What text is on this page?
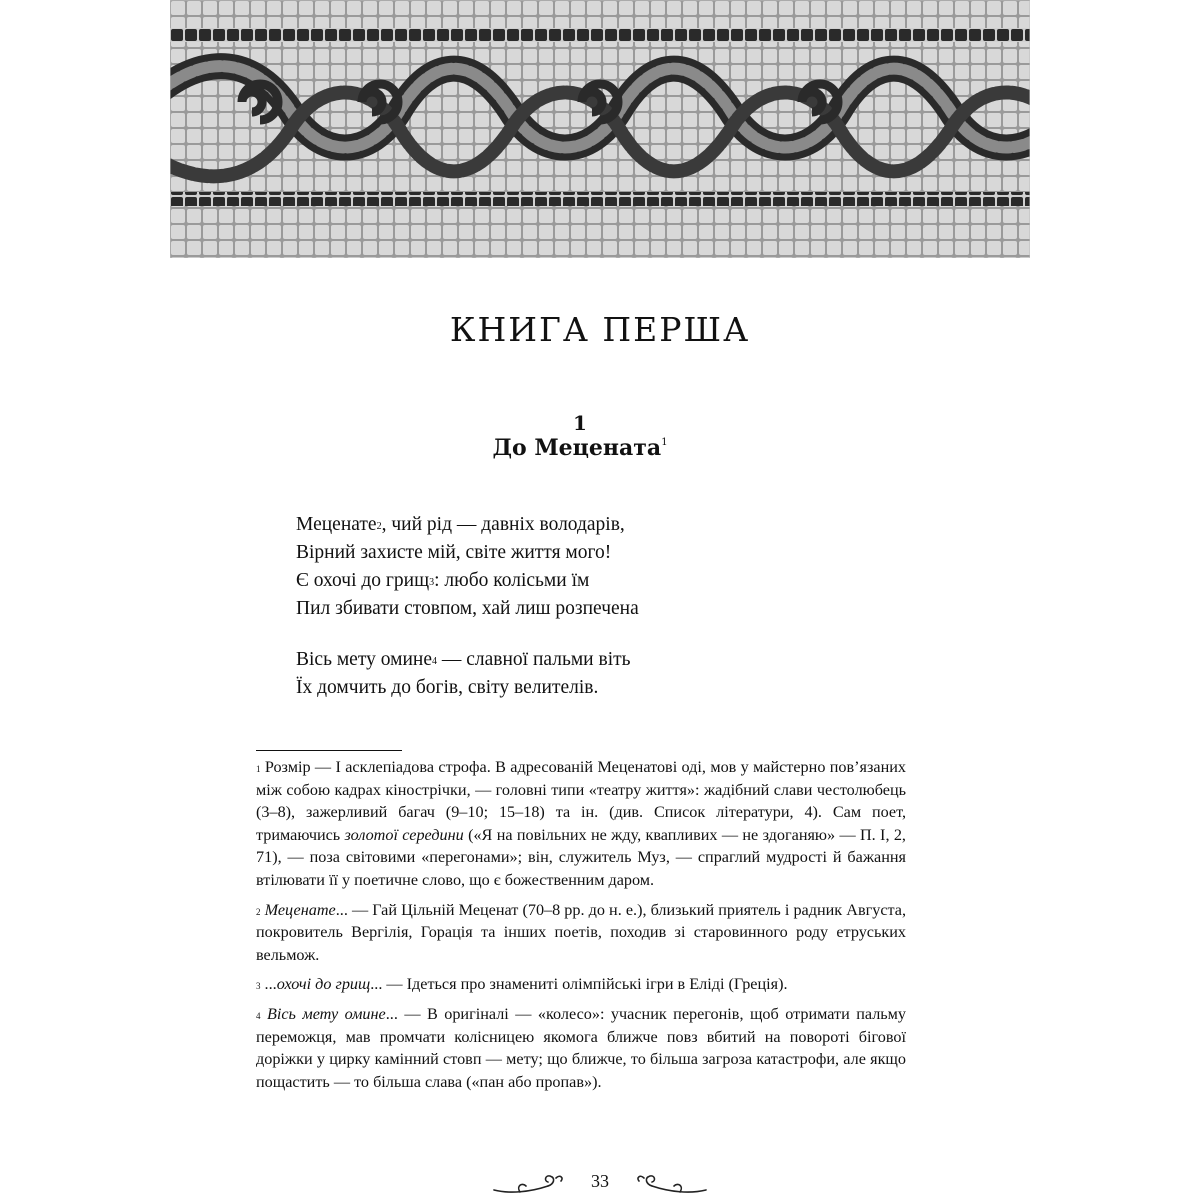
КНИГА ПЕРША
1
До Мецената$^1$
Меценате$^2$, чий рід — давніх володарів,
Вірний захисте мій, світе життя мого!
Є охочі до грищ$^3$: любо колісьми їм
Пил збивати стовпом, хай лиш розпечена
Вісь мету омине$^4$ — славної пальми віть
Їх домчить до богів, світу велителів.

$^1$ Розмір — І асклепіадова строфа. В адресованій Меценатові оді, мов у майстерно пов’язаних між собою кадрах кінострічки, — головні типи «театру життя»: жадібний слави честолюбець (3–8), зажерливий багач (9–10; 15–18) та ін. (див. Список літератури, 4). Сам поет, тримаючись золотої середини («Я на повільних не жду, квапливих — не здоганяю» — П. І, 2, 71), — поза світовими «перегонами»; він, служитель Муз, — спраглий мудрості й бажання втілювати її у поетичне слово, що є божественним даром.

$^2$ Меценате... — Гай Цільній Меценат (70–8 рр. до н. е.), близький приятель і радник Августа, покровитель Вергілія, Горація та інших поетів, походив зі старовинного роду етруських вельмож.

$^3$ ...охочі до грищ... — Ідеться про знамениті олімпійські ігри в Еліді (Греція).

$^4$ Вісь мету омине... — В оригіналі — «колесо»: учасник перегонів, щоб отримати пальму переможця, мав промчати колісницею якомога ближче повз вбитий на повороті бігової доріжки у цирку камінний стовп — мету; що ближче, то більша загроза катастрофи, але якщо пощастить — то більша слава («пан або пропав»).

33
